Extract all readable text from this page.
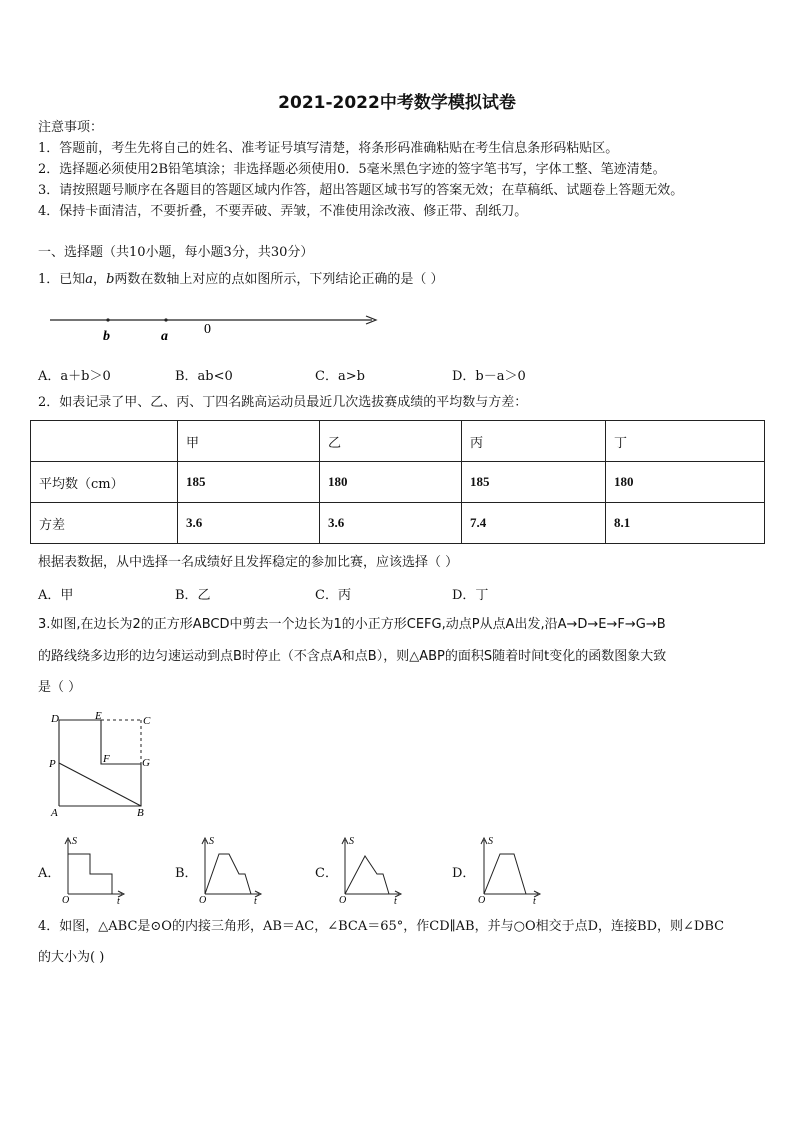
2021-2022中考数学模拟试卷
注意事项：
1．答题前，考生先将自己的姓名、准考证号填写清楚，将条形码准确粘贴在考生信息条形码粘贴区。
2．选择题必须使用2B铅笔填涂；非选择题必须使用0．5毫米黑色字迹的签字笔书写，字体工整、笔迹清楚。
3．请按照题号顺序在各题目的答题区域内作答，超出答题区域书写的答案无效；在草稿纸、试题卷上答题无效。
4．保持卡面清洁，不要折叠，不要弄破、弄皱，不准使用涂改液、修正带、刮纸刀。
一、选择题（共10小题，每小题3分，共30分）
1．已知a，b两数在数轴上对应的点如图所示，下列结论正确的是（ ）
b	a	0
A．a＋b＞0	B．ab<0	C．a>b	D．b－a＞0
2．如表记录了甲、乙、丙、丁四名跳高运动员最近几次选拔赛成绩的平均数与方差：
	甲	乙	丙	丁
平均数（cm）	185	180	185	180
方差	3.6	3.6	7.4	8.1
根据表数据，从中选择一名成绩好且发挥稳定的参加比赛，应该选择（ ）
A．甲	B．乙	C．丙	D．丁
3.如图,在边长为2的正方形ABCD中剪去一个边长为1的小正方形CEFG,动点P从点A出发,沿A→D→E→F→G→B
的路线绕多边形的边匀速运动到点B时停止（不含点A和点B），则△ABP的面积S随着时间t变化的函数图象大致
是（ ）
D	E	C
P	F	G
A	B
A．
S
O	t
B．
S
O	t
C．
S
O	t
D．
S
O	t
4．如图，△ABC是⊙O的内接三角形，AB＝AC，∠BCA＝65°，作CD∥AB，并与○O相交于点D，连接BD，则∠DBC
的大小为( )
